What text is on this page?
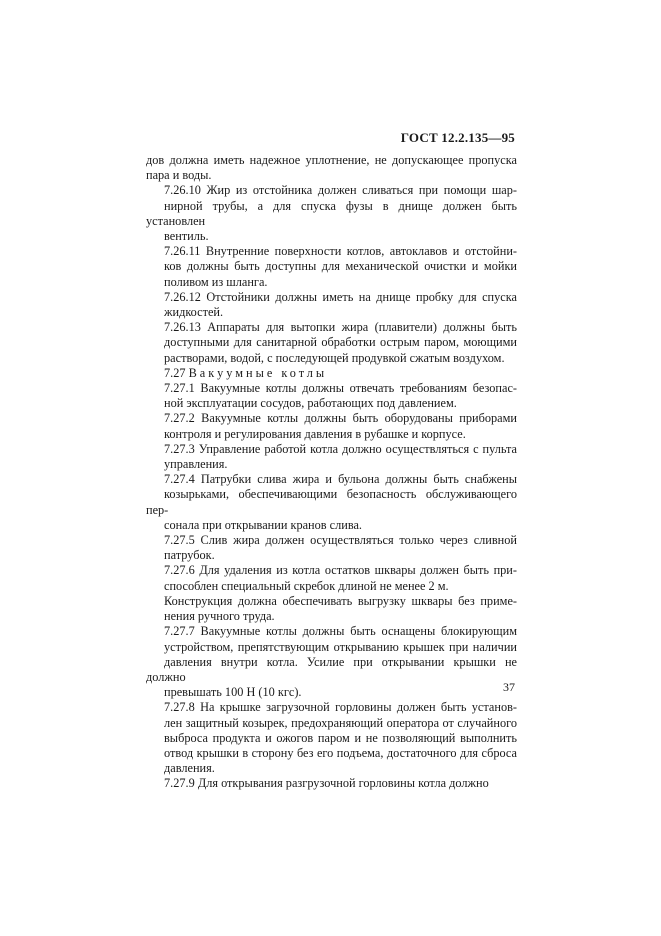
ГОСТ 12.2.135—95

дов должна иметь надежное уплотнение, не допускающее пропуска
пара и воды.

7.26.10 Жир из отстойника должен сливаться при помощи шар-
нирной трубы, а для спуска фузы в днище должен быть установлен
вентиль.

7.26.11 Внутренние поверхности котлов, автоклавов и отстойни-
ков должны быть доступны для механической очистки и мойки
поливом из шланга.

7.26.12 Отстойники должны иметь на днище пробку для спуска
жидкостей.

7.26.13 Аппараты для вытопки жира (плавители) должны быть
доступными для санитарной обработки острым паром, моющими
растворами, водой, с последующей продувкой сжатым воздухом.

7.27 Вакуумные котлы

7.27.1 Вакуумные котлы должны отвечать требованиям безопас-
ной эксплуатации сосудов, работающих под давлением.

7.27.2 Вакуумные котлы должны быть оборудованы приборами
контроля и регулирования давления в рубашке и корпусе.

7.27.3 Управление работой котла должно осуществляться с пульта
управления.

7.27.4 Патрубки слива жира и бульона должны быть снабжены
козырьками, обеспечивающими безопасность обслуживающего пер-
сонала при открывании кранов слива.

7.27.5 Слив жира должен осуществляться только через сливной
патрубок.

7.27.6 Для удаления из котла остатков шквары должен быть при-
способлен специальный скребок длиной не менее 2 м.

Конструкция должна обеспечивать выгрузку шквары без приме-
нения ручного труда.

7.27.7 Вакуумные котлы должны быть оснащены блокирующим
устройством, препятствующим открыванию крышек при наличии
давления внутри котла. Усилие при открывании крышки не должно
превышать 100 Н (10 кгс).

7.27.8 На крышке загрузочной горловины должен быть установ-
лен защитный козырек, предохраняющий оператора от случайного
выброса продукта и ожогов паром и не позволяющий выполнить
отвод крышки в сторону без его подъема, достаточного для сброса
давления.

7.27.9 Для открывания разгрузочной горловины котла должно

37
